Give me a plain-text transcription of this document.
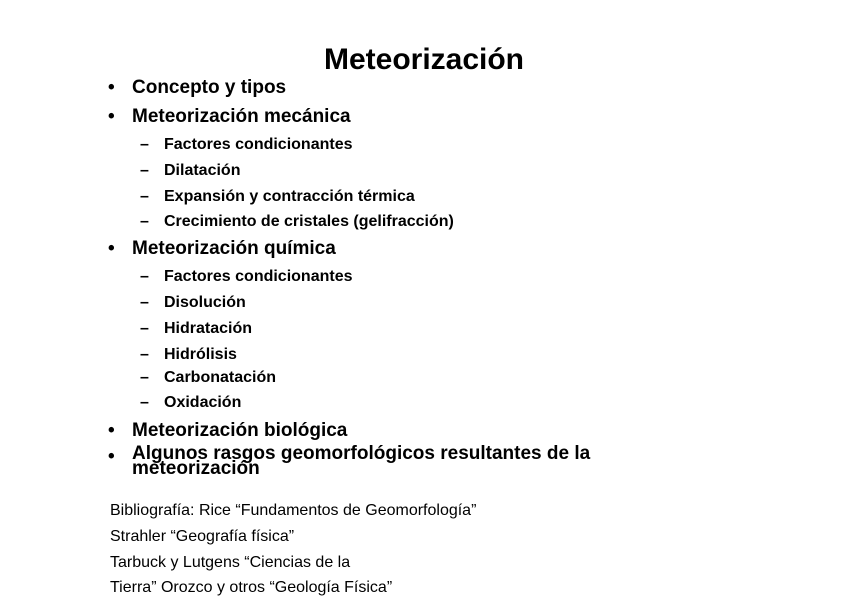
Meteorización
• Concepto y tipos
• Meteorización mecánica
– Factores condicionantes
– Dilatación
– Expansión y contracción térmica
– Crecimiento de cristales (gelifracción)
• Meteorización química
– Factores condicionantes
– Disolución
– Hidratación
– Hidrólisis
– Carbonatación
– Oxidación
• Meteorización biológica
• Algunos rasgos geomorfológicos resultantes de la
meteorización
Bibliografía: Rice “Fundamentos de Geomorfología”
Strahler “Geografía física”
Tarbuck y Lutgens “Ciencias de la
Tierra” Orozco y otros “Geología Física”
